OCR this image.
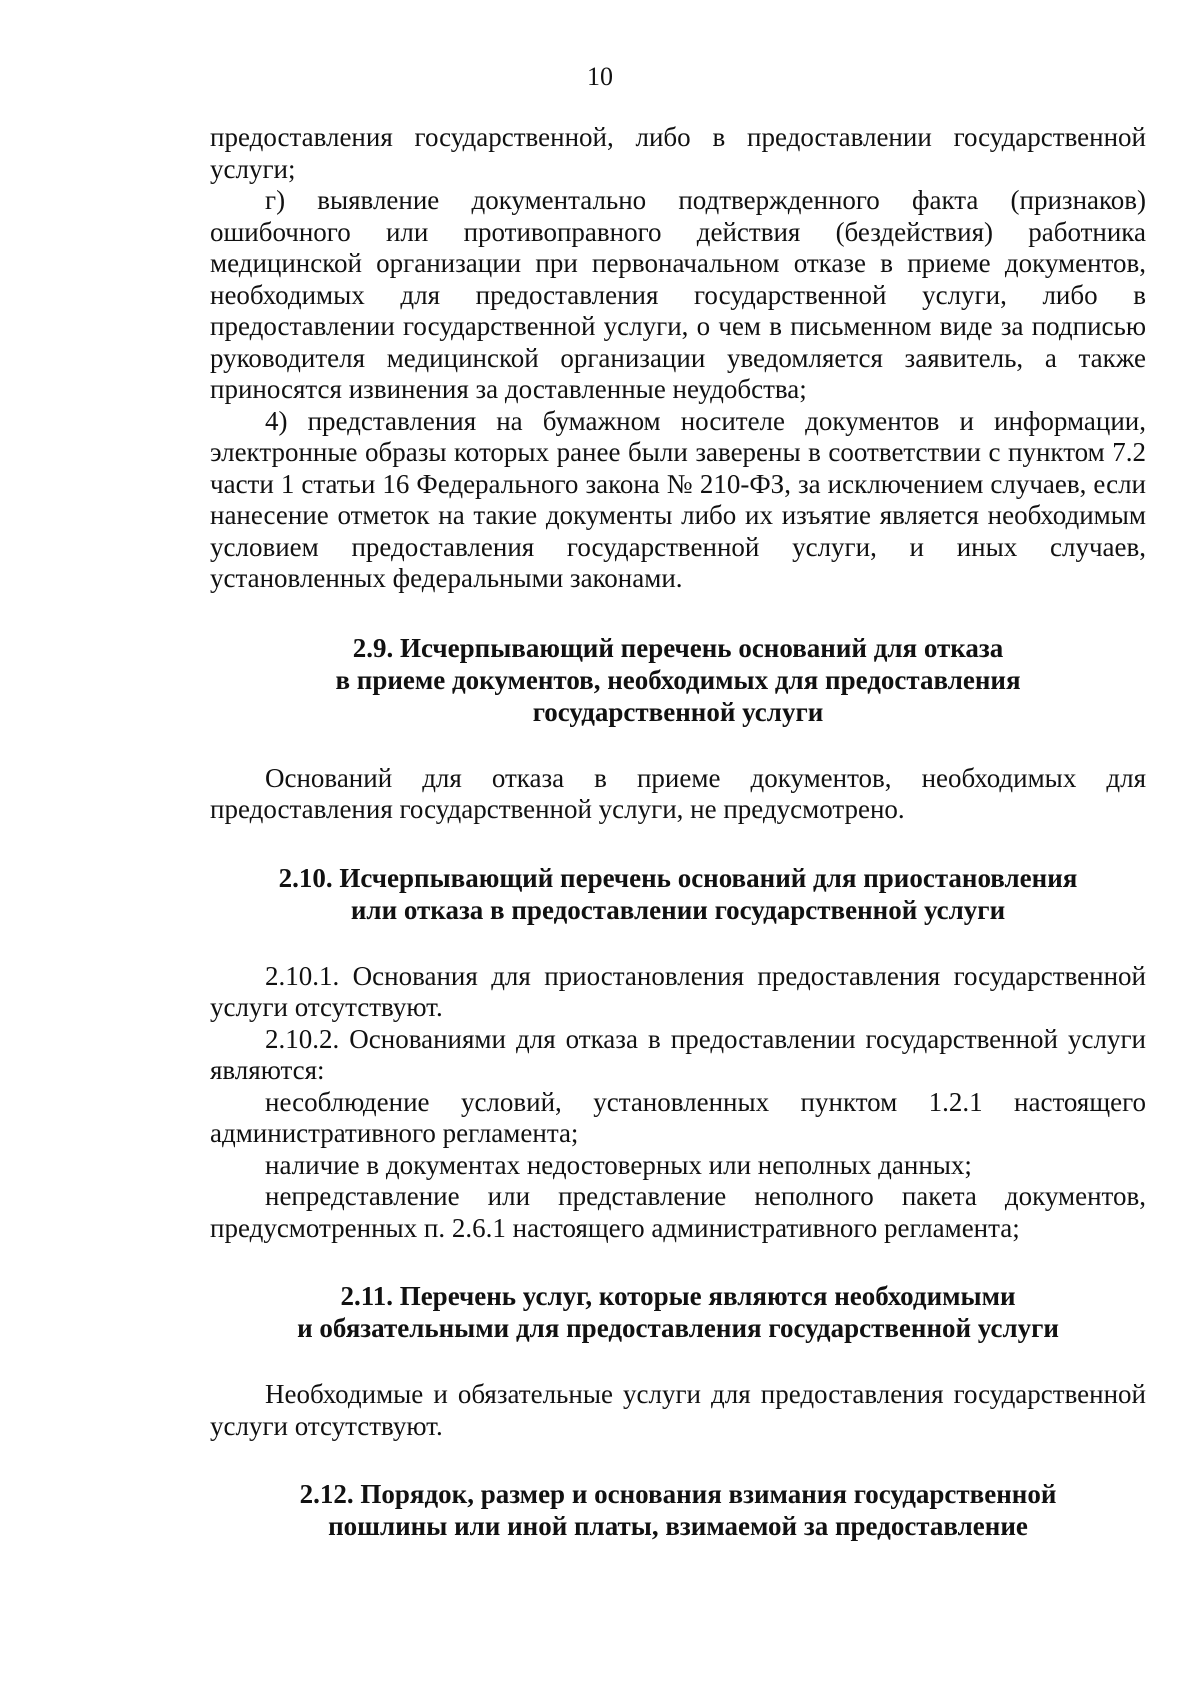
10

предоставления государственной, либо в предоставлении государственной услуги;

г) выявление документально подтвержденного факта (признаков) ошибочного или противоправного действия (бездействия) работника медицинской организации при первоначальном отказе в приеме документов, необходимых для предоставления государственной услуги, либо в предоставлении государственной услуги, о чем в письменном виде за подписью руководителя медицинской организации уведомляется заявитель, а также приносятся извинения за доставленные неудобства;

4) представления на бумажном носителе документов и информации, электронные образы которых ранее были заверены в соответствии с пунктом 7.2 части 1 статьи 16 Федерального закона № 210-ФЗ, за исключением случаев, если нанесение отметок на такие документы либо их изъятие является необходимым условием предоставления государственной услуги, и иных случаев, установленных федеральными законами.

2.9. Исчерпывающий перечень оснований для отказа
в приеме документов, необходимых для предоставления
государственной услуги

Оснований для отказа в приеме документов, необходимых для предоставления государственной услуги, не предусмотрено.

2.10. Исчерпывающий перечень оснований для приостановления
или отказа в предоставлении государственной услуги

2.10.1. Основания для приостановления предоставления государственной услуги отсутствуют.

2.10.2. Основаниями для отказа в предоставлении государственной услуги являются:

несоблюдение условий, установленных пунктом 1.2.1 настоящего административного регламента;

наличие в документах недостоверных или неполных данных;

непредставление или представление неполного пакета документов, предусмотренных п. 2.6.1 настоящего административного регламента;

2.11. Перечень услуг, которые являются необходимыми
и обязательными для предоставления государственной услуги

Необходимые и обязательные услуги для предоставления государственной услуги отсутствуют.

2.12. Порядок, размер и основания взимания государственной
пошлины или иной платы, взимаемой за предоставление
